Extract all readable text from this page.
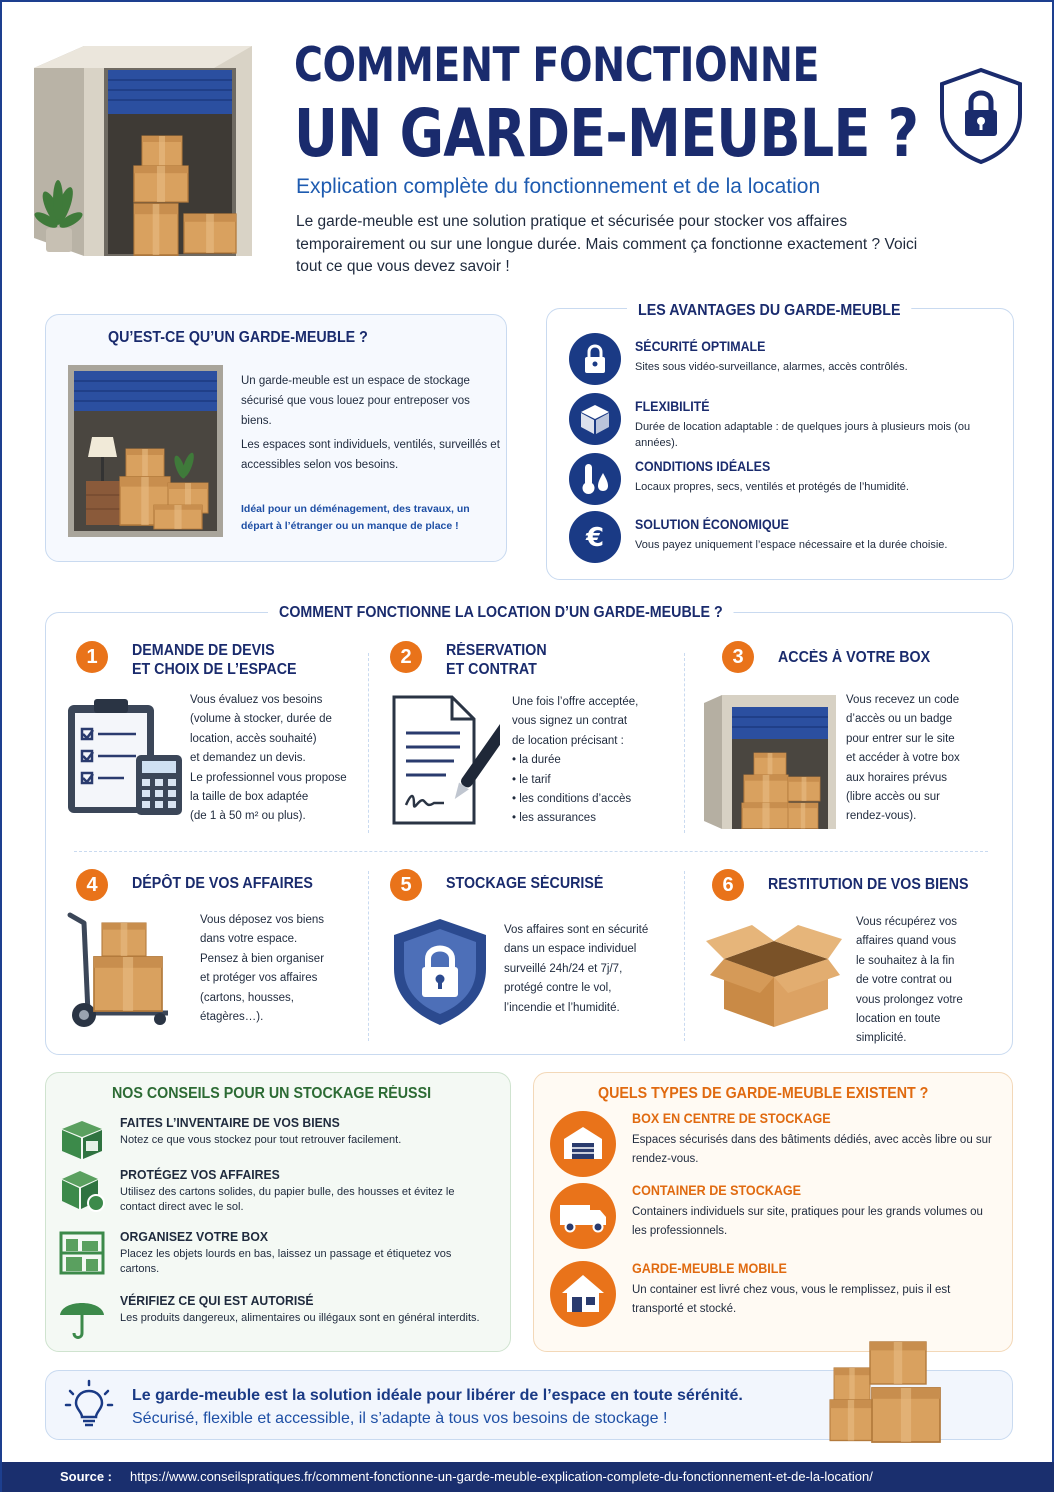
COMMENT FONCTIONNE
UN GARDE-MEUBLE ?
Explication complète du fonctionnement et de la location
Le garde-meuble est une solution pratique et sécurisée pour stocker vos affaires temporairement ou sur une longue durée. Mais comment ça fonctionne exactement ? Voici tout ce que vous devez savoir !
QU’EST-CE QU’UN GARDE-MEUBLE ?

Un garde-meuble est un espace de stockage sécurisé que vous louez pour entreposer vos biens.

Les espaces sont individuels, ventilés, surveillés et accessibles selon vos besoins.

Idéal pour un déménagement, des travaux, un départ à l’étranger ou un manque de place !
LES AVANTAGES DU GARDE-MEUBLE
SÉCURITÉ OPTIMALE
Sites sous vidéo-surveillance, alarmes, accès contrôlés.
FLEXIBILITÉ
Durée de location adaptable : de quelques jours à plusieurs mois (ou années).
CONDITIONS IDÉALES
Locaux propres, secs, ventilés et protégés de l’humidité.
€ SOLUTION ÉCONOMIQUE
Vous payez uniquement l’espace nécessaire et la durée choisie.
COMMENT FONCTIONNE LA LOCATION D’UN GARDE-MEUBLE ?
1	DEMANDE DE DEVIS
ET CHOIX DE L’ESPACE
Vous évaluez vos besoins
(volume à stocker, durée de
location, accès souhaité)
et demandez un devis.
Le professionnel vous propose
la taille de box adaptée
(de 1 à 50 m² ou plus).
2	RÉSERVATION
ET CONTRAT
Une fois l’offre acceptée,
vous signez un contrat
de location précisant :
• la durée
• le tarif
• les conditions d’accès
• les assurances
3	ACCÈS À VOTRE BOX
Vous recevez un code
d’accès ou un badge
pour entrer sur le site
et accéder à votre box
aux horaires prévus
(libre accès ou sur
rendez-vous).
4	DÉPÔT DE VOS AFFAIRES
Vous déposez vos biens
dans votre espace.
Pensez à bien organiser
et protéger vos affaires
(cartons, housses,
étagères…).
5	STOCKAGE SÉCURISÉ
Vos affaires sont en sécurité
dans un espace individuel
surveillé 24h/24 et 7j/7,
protégé contre le vol,
l’incendie et l’humidité.
6	RESTITUTION DE VOS BIENS
Vous récupérez vos
affaires quand vous
le souhaitez à la fin
de votre contrat ou
vous prolongez votre
location en toute
simplicité.
NOS CONSEILS POUR UN STOCKAGE RÉUSSI
FAITES L’INVENTAIRE DE VOS BIENS
Notez ce que vous stockez pour tout retrouver facilement.
PROTÉGEZ VOS AFFAIRES
Utilisez des cartons solides, du papier bulle, des housses et évitez le contact direct avec le sol.
ORGANISEZ VOTRE BOX
Placez les objets lourds en bas, laissez un passage et étiquetez vos cartons.
VÉRIFIEZ CE QUI EST AUTORISÉ
Les produits dangereux, alimentaires ou illégaux sont en général interdits.
QUELS TYPES DE GARDE-MEUBLE EXISTENT ?
BOX EN CENTRE DE STOCKAGE
Espaces sécurisés dans des bâtiments dédiés, avec accès libre ou sur rendez-vous.
CONTAINER DE STOCKAGE
Containers individuels sur site, pratiques pour les grands volumes ou les professionnels.
GARDE-MEUBLE MOBILE
Un container est livré chez vous, vous le remplissez, puis il est transporté et stocké.
Le garde-meuble est la solution idéale pour libérer de l’espace en toute sérénité.
Sécurisé, flexible et accessible, il s’adapte à tous vos besoins de stockage !
Source : https://www.conseilspratiques.fr/comment-fonctionne-un-garde-meuble-explication-complete-du-fonctionnement-et-de-la-location/
